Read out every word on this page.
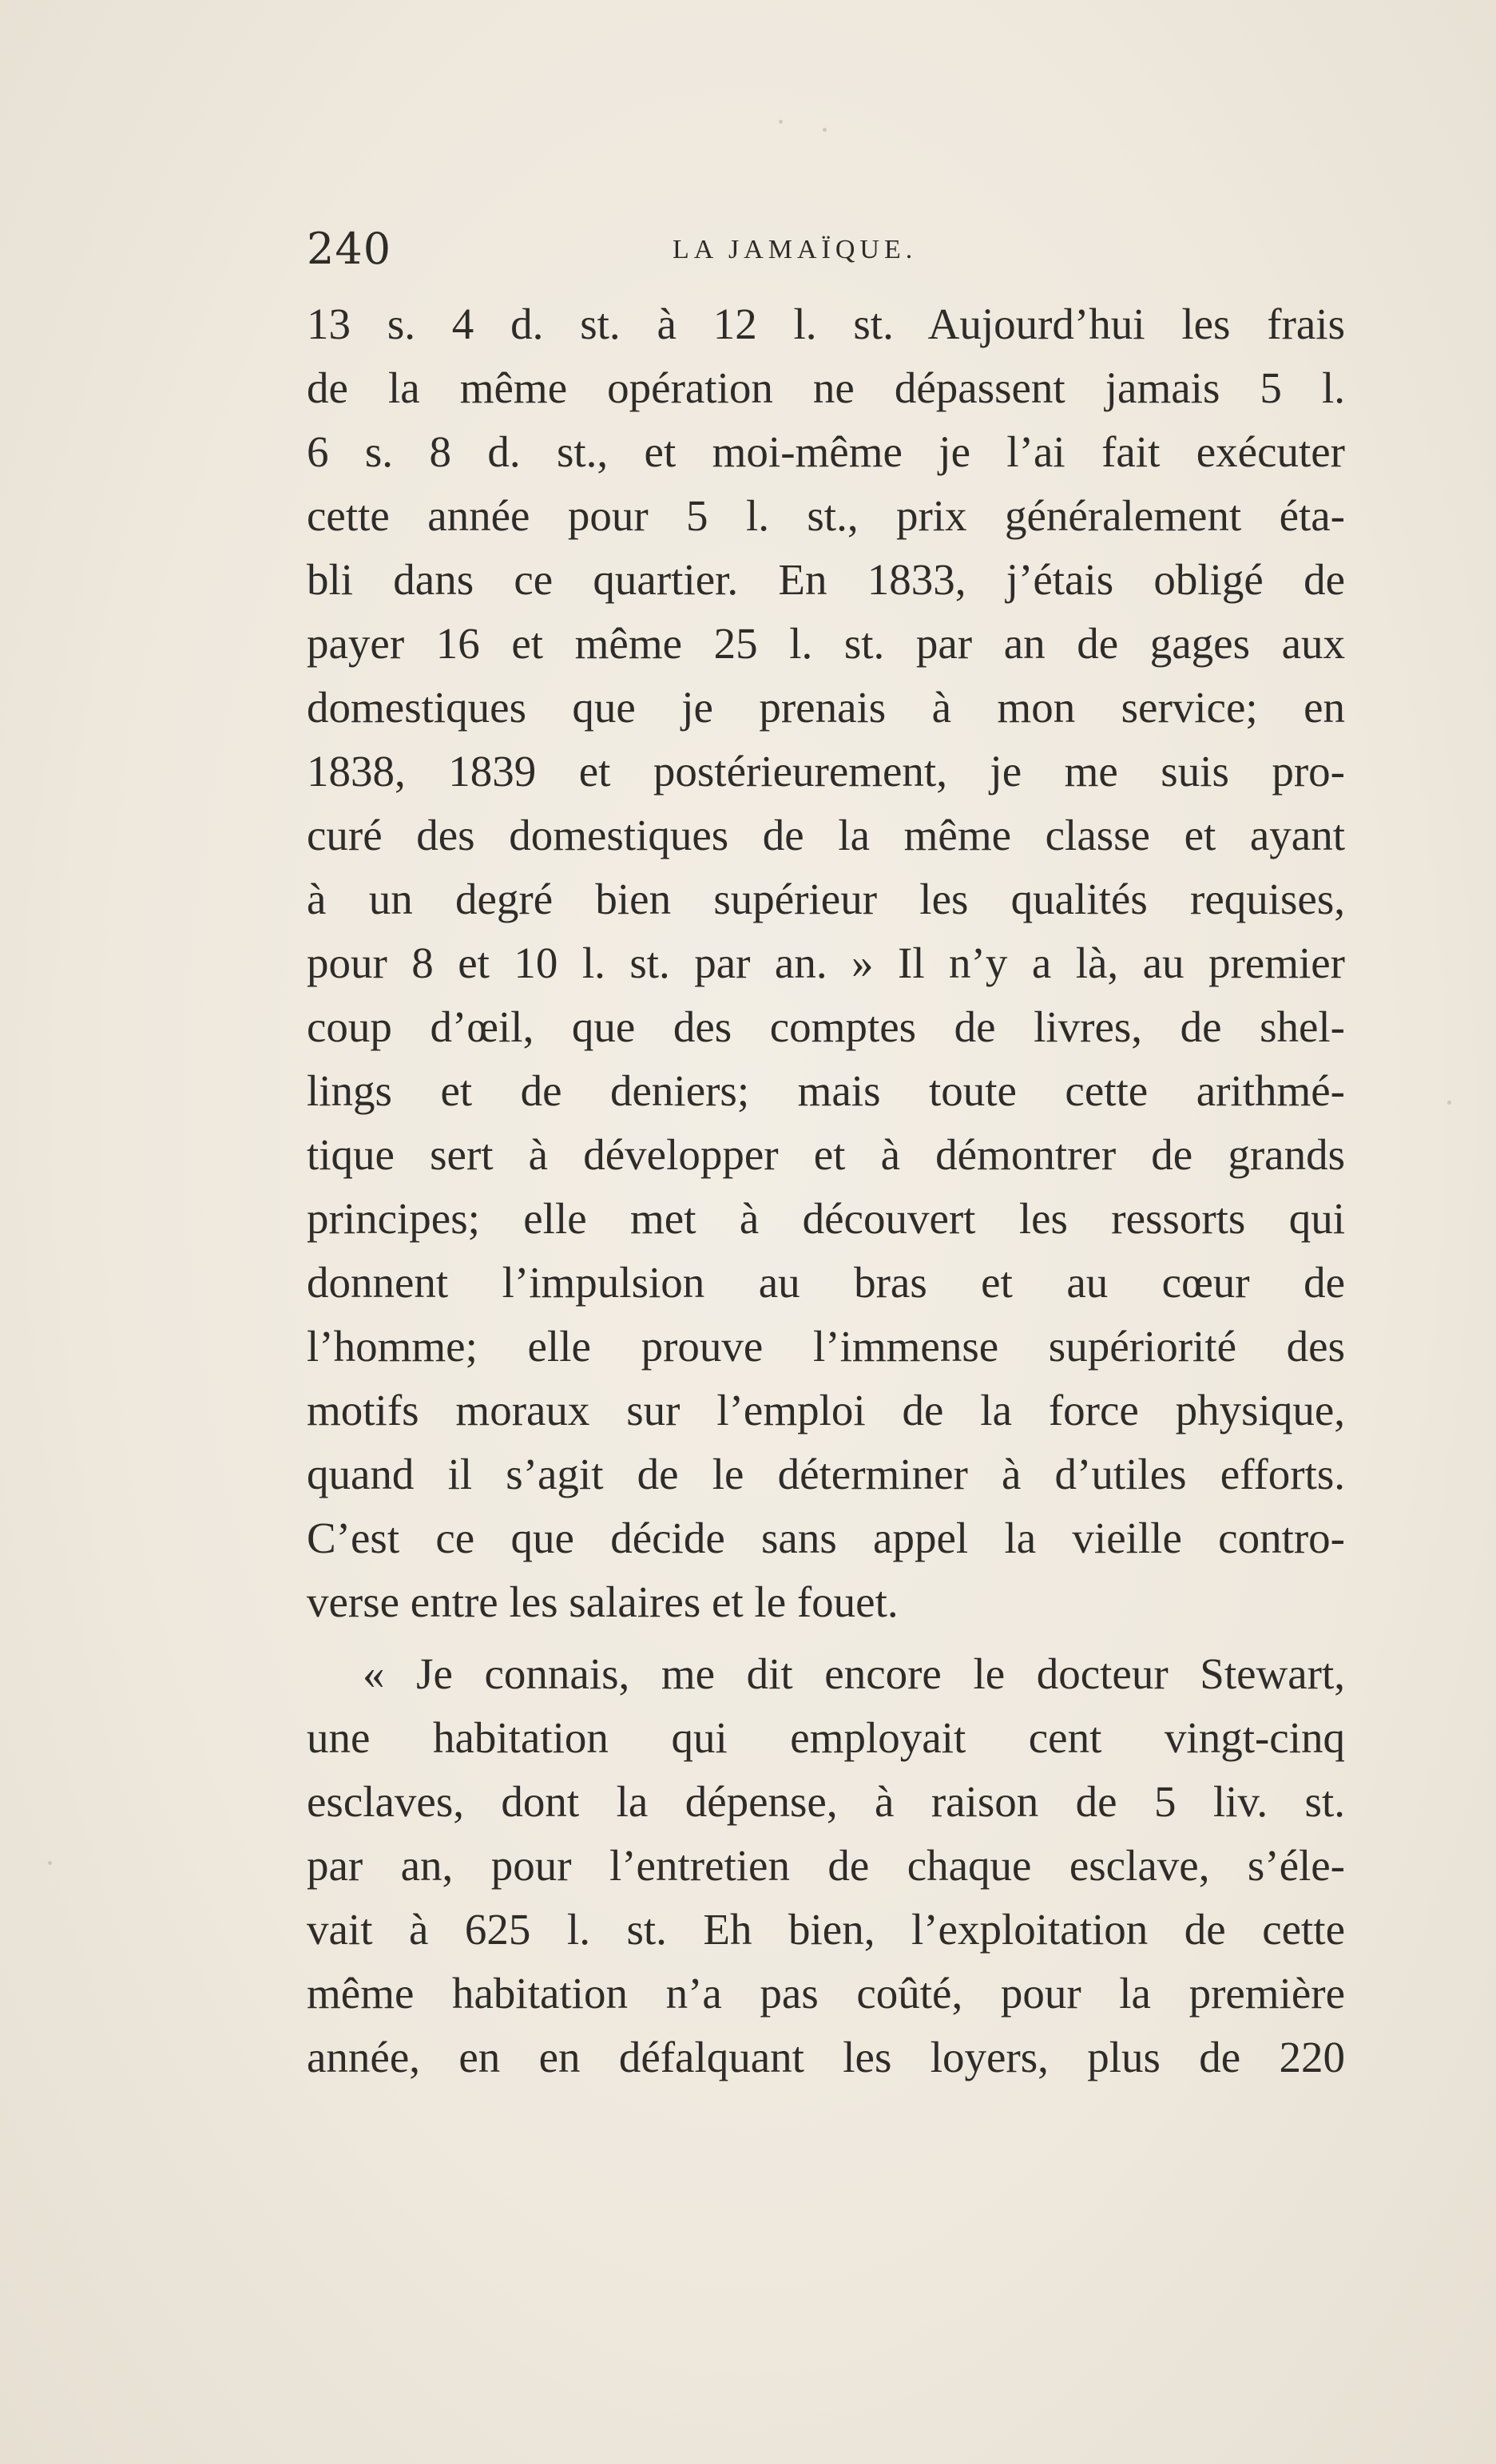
240	LA JAMAÏQUE.
13 s. 4 d. st. à 12 l. st. Aujourd’hui les frais
de la même opération ne dépassent jamais 5 l.
6 s. 8 d. st., et moi-même je l’ai fait exécuter
cette année pour 5 l. st., prix généralement éta-
bli dans ce quartier. En 1833, j’étais obligé de
payer 16 et même 25 l. st. par an de gages aux
domestiques que je prenais à mon service; en
1838, 1839 et postérieurement, je me suis pro-
curé des domestiques de la même classe et ayant
à un degré bien supérieur les qualités requises,
pour 8 et 10 l. st. par an. » Il n’y a là, au premier
coup d’œil, que des comptes de livres, de shel-
lings et de deniers; mais toute cette arithmé-
tique sert à développer et à démontrer de grands
principes; elle met à découvert les ressorts qui
donnent l’impulsion au bras et au cœur de
l’homme; elle prouve l’immense supériorité des
motifs moraux sur l’emploi de la force physique,
quand il s’agit de le déterminer à d’utiles efforts.
C’est ce que décide sans appel la vieille contro-
verse entre les salaires et le fouet.
« Je connais, me dit encore le docteur Stewart,
une habitation qui employait cent vingt-cinq
esclaves, dont la dépense, à raison de 5 liv. st.
par an, pour l’entretien de chaque esclave, s’éle-
vait à 625 l. st. Eh bien, l’exploitation de cette
même habitation n’a pas coûté, pour la première
année, en en défalquant les loyers, plus de 220
